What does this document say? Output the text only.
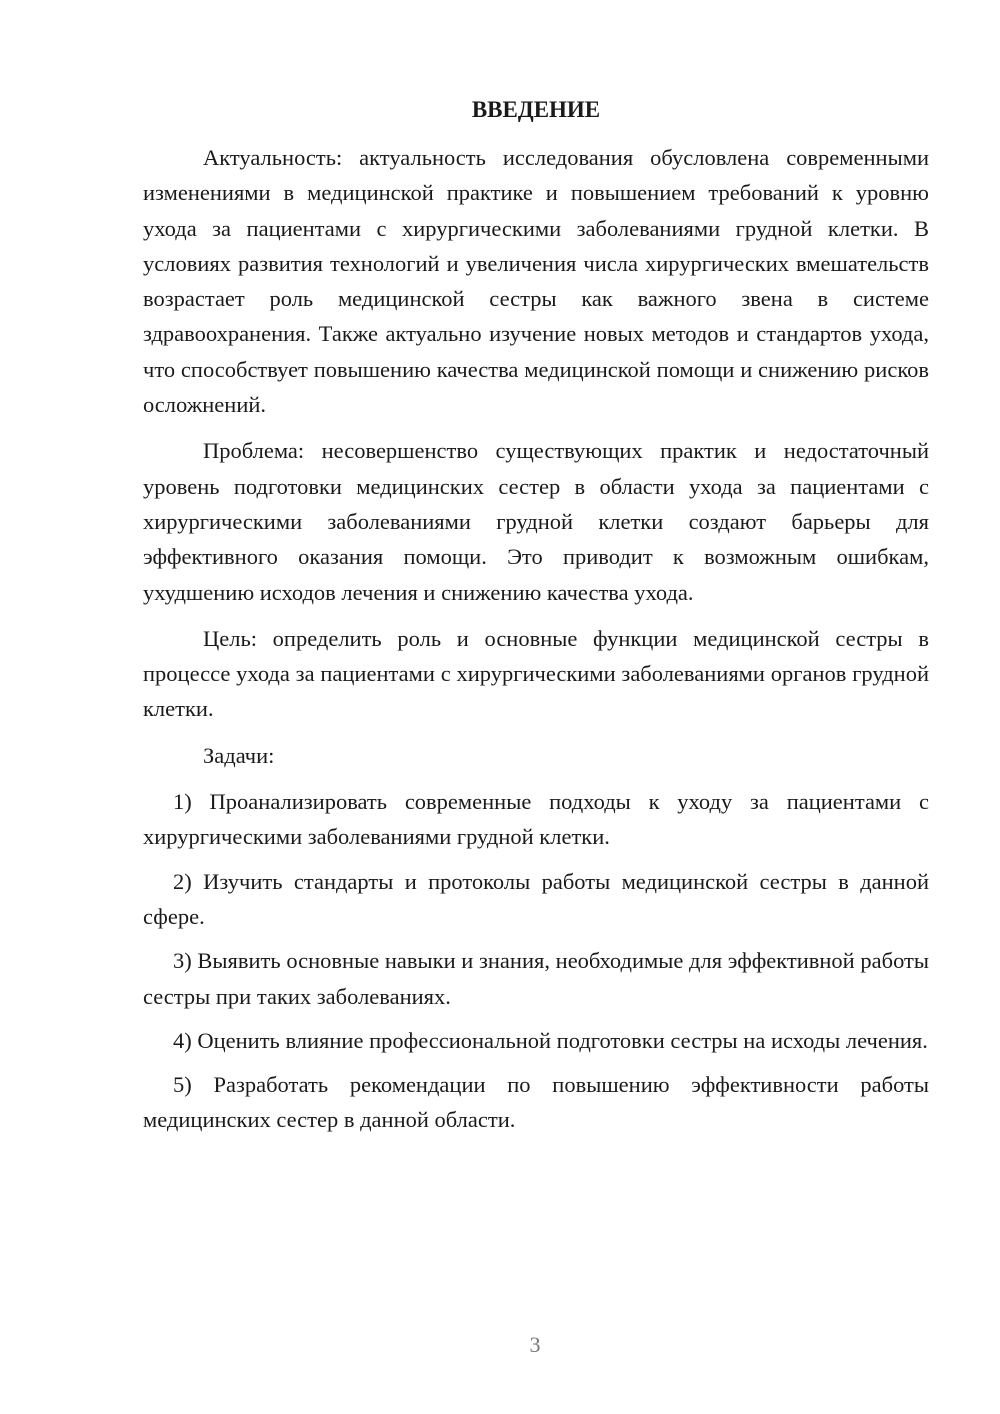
ВВЕДЕНИЕ

Актуальность: актуальность исследования обусловлена современными изменениями в медицинской практике и повышением требований к уровню ухода за пациентами с хирургическими заболеваниями грудной клетки. В условиях развития технологий и увеличения числа хирургических вмешательств возрастает роль медицинской сестры как важного звена в системе здравоохранения. Также актуально изучение новых методов и стандартов ухода, что способствует повышению качества медицинской помощи и снижению рисков осложнений.

Проблема: несовершенство существующих практик и недостаточный уровень подготовки медицинских сестер в области ухода за пациентами с хирургическими заболеваниями грудной клетки создают барьеры для эффективного оказания помощи. Это приводит к возможным ошибкам, ухудшению исходов лечения и снижению качества ухода.

Цель: определить роль и основные функции медицинской сестры в процессе ухода за пациентами с хирургическими заболеваниями органов грудной клетки.

Задачи:

1) Проанализировать современные подходы к уходу за пациентами с хирургическими заболеваниями грудной клетки.

2) Изучить стандарты и протоколы работы медицинской сестры в данной сфере.

3) Выявить основные навыки и знания, необходимые для эффективной работы сестры при таких заболеваниях.

4) Оценить влияние профессиональной подготовки сестры на исходы лечения.

5) Разработать рекомендации по повышению эффективности работы медицинских сестер в данной области.

3
